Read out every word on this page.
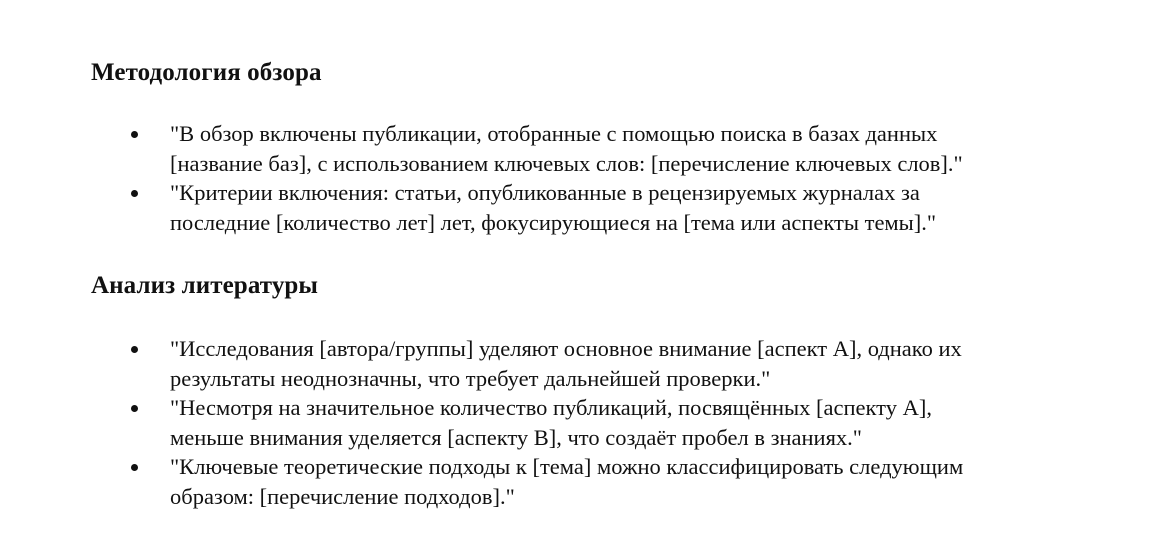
Методология обзора
"В обзор включены публикации, отобранные с помощью поиска в базах данных
[название баз], с использованием ключевых слов: [перечисление ключевых слов]."
"Критерии включения: статьи, опубликованные в рецензируемых журналах за
последние [количество лет] лет, фокусирующиеся на [тема или аспекты темы]."
Анализ литературы
"Исследования [автора/группы] уделяют основное внимание [аспект А], однако их
результаты неоднозначны, что требует дальнейшей проверки."
"Несмотря на значительное количество публикаций, посвящённых [аспекту А],
меньше внимания уделяется [аспекту В], что создаёт пробел в знаниях."
"Ключевые теоретические подходы к [тема] можно классифицировать следующим
образом: [перечисление подходов]."
